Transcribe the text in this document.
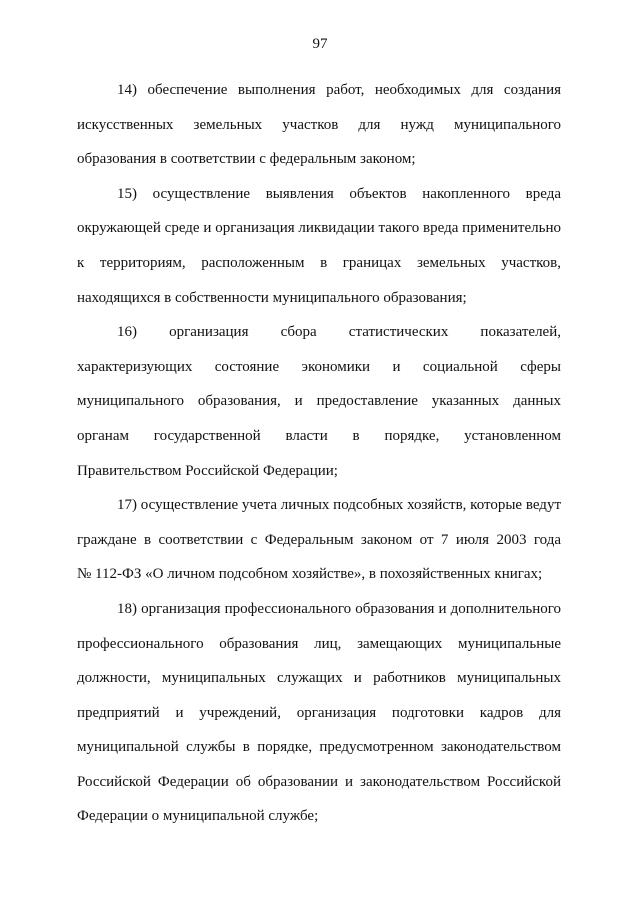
97
14) обеспечение выполнения работ, необходимых для создания
искусственных земельных участков для нужд муниципального
образования в соответствии с федеральным законом;
15) осуществление выявления объектов накопленного вреда
окружающей среде и организация ликвидации такого вреда применительно
к территориям, расположенным в границах земельных участков,
находящихся в собственности муниципального образования;
16) организация сбора статистических показателей,
характеризующих состояние экономики и социальной сферы
муниципального образования, и предоставление указанных данных
органам государственной власти в порядке, установленном
Правительством Российской Федерации;
17) осуществление учета личных подсобных хозяйств, которые ведут
граждане в соответствии с Федеральным законом от 7 июля 2003 года
№ 112-ФЗ «О личном подсобном хозяйстве», в похозяйственных книгах;
18) организация профессионального образования и дополнительного
профессионального образования лиц, замещающих муниципальные
должности, муниципальных служащих и работников муниципальных
предприятий и учреждений, организация подготовки кадров для
муниципальной службы в порядке, предусмотренном законодательством
Российской Федерации об образовании и законодательством Российской
Федерации о муниципальной службе;
